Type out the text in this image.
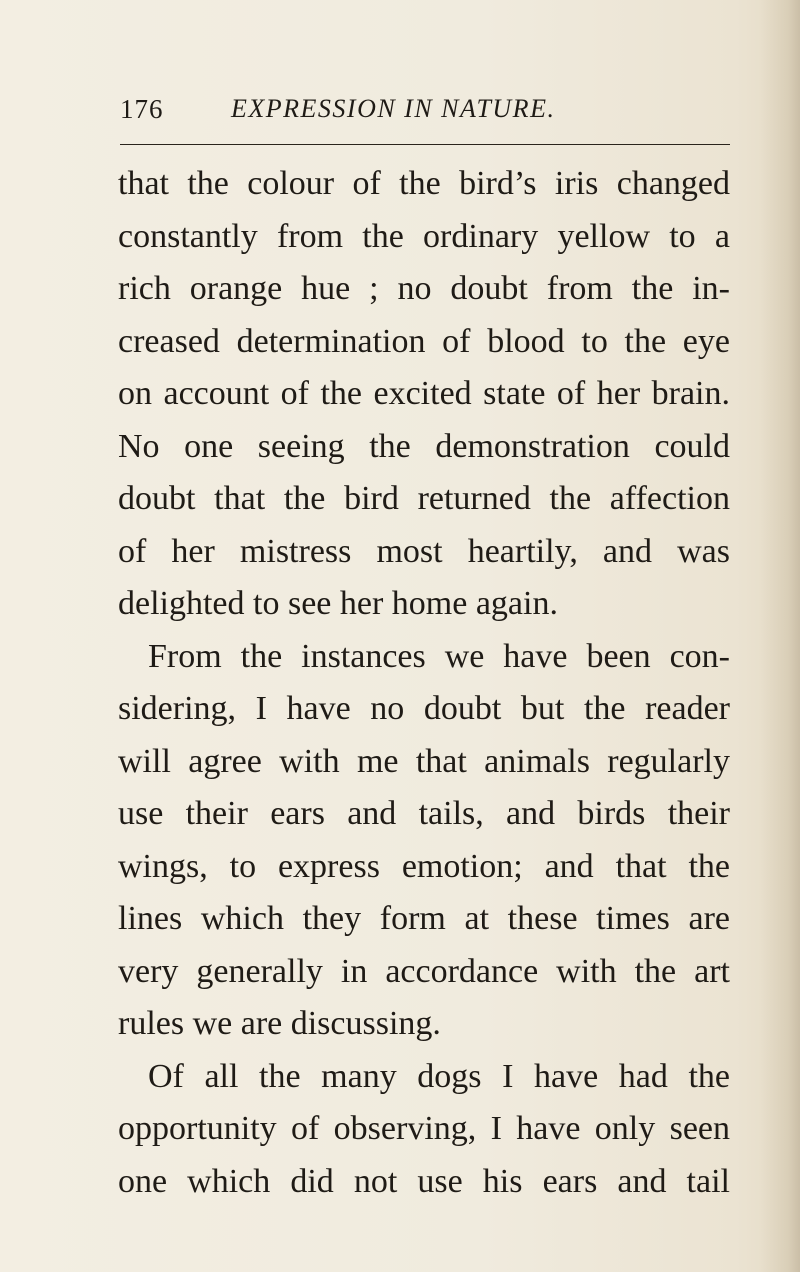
176	EXPRESSION IN NATURE.
that the colour of the bird’s iris changed
constantly from the ordinary yellow to a
rich orange hue ; no doubt from the in-
creased determination of blood to the eye
on account of the excited state of her brain.
No one seeing the demonstration could
doubt that the bird returned the affection
of her mistress most heartily, and was
delighted to see her home again.
From the instances we have been con-
sidering, I have no doubt but the reader
will agree with me that animals regularly
use their ears and tails, and birds their
wings, to express emotion; and that the
lines which they form at these times are
very generally in accordance with the art
rules we are discussing.
Of all the many dogs I have had the
opportunity of observing, I have only seen
one which did not use his ears and tail
